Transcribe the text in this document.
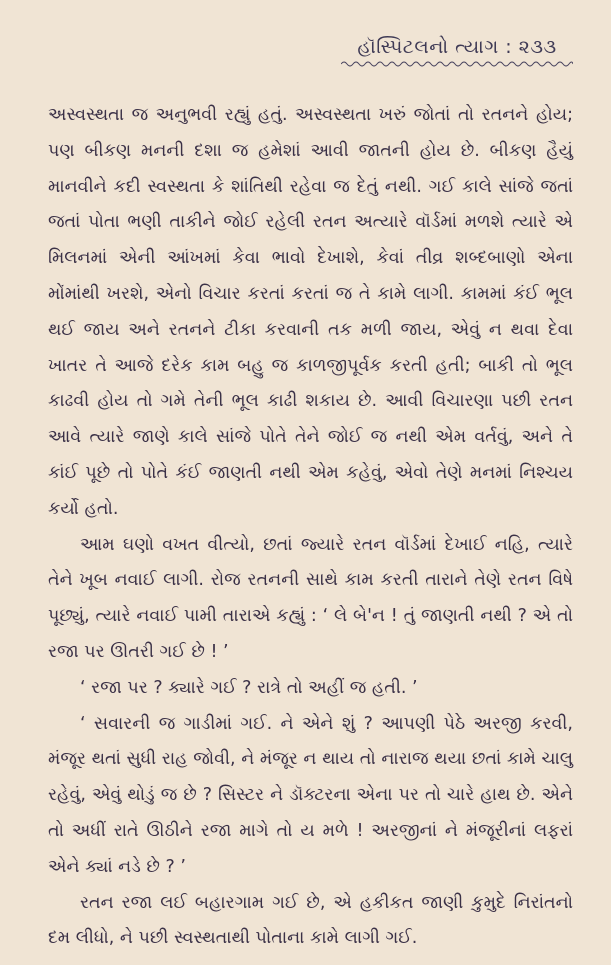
હૉસ્પિટલનો ત્યાગ : ૨૩૩

અસ્વસ્થતા જ અનુભવી રહ્યું હતું. અસ્વસ્થતા ખરું જોતાં તો રતનને હોય; પણ બીકણ મનની દશા જ હમેશાં આવી જાતની હોય છે. બીકણ હૈયું માનવીને કદી સ્વસ્થતા કે શાંતિથી રહેવા જ દેતું નથી. ગઈ કાલે સાંજે જતાં જતાં પોતા ભણી તાકીને જોઈ રહેલી રતન અત્યારે વૉર્ડમાં મળશે ત્યારે એ મિલનમાં એની આંખમાં કેવા ભાવો દેખાશે, કેવાં તીવ્ર શબ્દબાણો એના મોંમાંથી ખરશે, એનો વિચાર કરતાં કરતાં જ તે કામે લાગી. કામમાં કંઈ ભૂલ થઈ જાય અને રતનને ટીકા કરવાની તક મળી જાય, એવું ન થવા દેવા ખાતર તે આજે દરેક કામ બહુ જ કાળજીપૂર્વક કરતી હતી; બાકી તો ભૂલ કાઢવી હોય તો ગમે તેની ભૂલ કાઢી શકાય છે. આવી વિચારણા પછી રતન આવે ત્યારે જાણે કાલે સાંજે પોતે તેને જોઈ જ નથી એમ વર્તવું, અને તે કાંઈ પૂછે તો પોતે કંઈ જાણતી નથી એમ કહેવું, એવો તેણે મનમાં નિશ્ચય કર્યો હતો.

આમ ઘણો વખત વીત્યો, છતાં જ્યારે રતન વૉર્ડમાં દેખાઈ નહિ, ત્યારે તેને ખૂબ નવાઈ લાગી. રોજ રતનની સાથે કામ કરતી તારાને તેણે રતન વિષે પૂછ્યું, ત્યારે નવાઈ પામી તારાએ કહ્યું : ‘ લે બે'ન ! તું જાણતી નથી ? એ તો રજા પર ઊતરી ગઈ છે ! ’

‘ રજા પર ? ક્યારે ગઈ ? રાત્રે તો અહીં જ હતી. ’

‘ સવારની જ ગાડીમાં ગઈ. ને એને શું ? આપણી પેઠે અરજી કરવી, મંજૂર થતાં સુધી રાહ જોવી, ને મંજૂર ન થાય તો નારાજ થયા છતાં કામે ચાલુ રહેવું, એવું થોડું જ છે ? સિસ્ટર ને ડૉક્ટરના એના પર તો ચારે હાથ છે. એને તો અધીં રાતે ઊઠીને રજા માગે તો ય મળે ! અરજીનાં ને મંજૂરીનાં લફરાં એને ક્યાં નડે છે ? ’

રતન રજા લઈ બહારગામ ગઈ છે, એ હકીકત જાણી કુમુદે નિરાંતનો દમ લીધો, ને પછી સ્વસ્થતાથી પોતાના કામે લાગી ગઈ.
